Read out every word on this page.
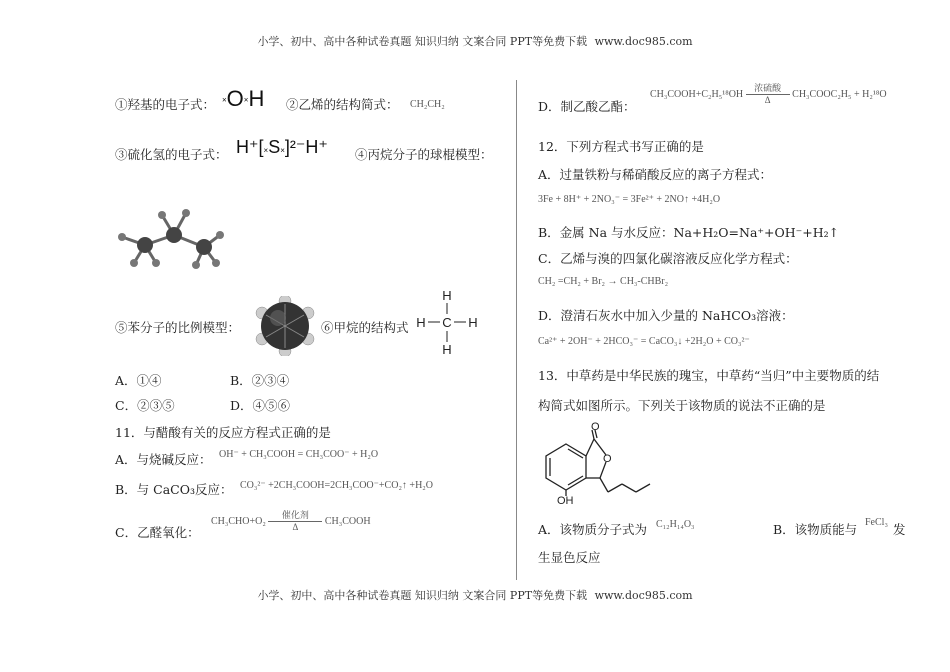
小学、初中、高中各种试卷真题 知识归纳 文案合同 PPT等免费下载 www.doc985.com
①羟基的电子式： ×O×H ②乙烯的结构简式： CH₂CH₂
③硫化氢的电子式： H⁺[×S×]²⁻H⁺ ④丙烷分子的球棍模型：
⑤苯分子的比例模型：	⑥甲烷的结构式
H
H C H
H
A．①④	B．②③④
C．②③⑤	D．④⑤⑥
11．与醋酸有关的反应方程式正确的是
A．与烧碱反应： OH⁻ + CH₃COOH = CH₃COO⁻ + H₂O
B．与 CaCO₃反应： CO₃²⁻ +2CH₃COOH=2CH₃COO⁻+CO₂↑ +H₂O
C．乙醛氧化：
CH₃CHO+O₂ 催化剂
Δ	CH₃COOH
D．制乙酸乙酯：
CH₃COOH+C₂H₅¹⁸OH 浓硫酸
Δ CH₃COOC₂H₅ + H₂¹⁸O
12．下列方程式书写正确的是
A．过量铁粉与稀硝酸反应的离子方程式：
3Fe + 8H⁺ + 2NO₃⁻ = 3Fe²⁺ + 2NO↑ +4H₂O
B．金属 Na 与水反应：Na+H₂O=Na⁺+OH⁻+H₂↑
C．乙烯与溴的四氯化碳溶液反应化学方程式：
CH₂ =CH₂ + Br₂ → CH₃-CHBr₂
D．澄清石灰水中加入少量的 NaHCO₃溶液：
Ca²⁺ + 2OH⁻ + 2HCO₃⁻ = CaCO₃↓ +2H₂O + CO₃²⁻
13．中草药是中华民族的瑰宝，中草药“当归”中主要物质的结
构简式如图所示。下列关于该物质的说法不正确的是
O
O
OH
A．该物质分子式为 C₁₂H₁₄O₃	B．该物质能与 FeCl₃ 发
生显色反应
小学、初中、高中各种试卷真题 知识归纳 文案合同 PPT等免费下载 www.doc985.com
